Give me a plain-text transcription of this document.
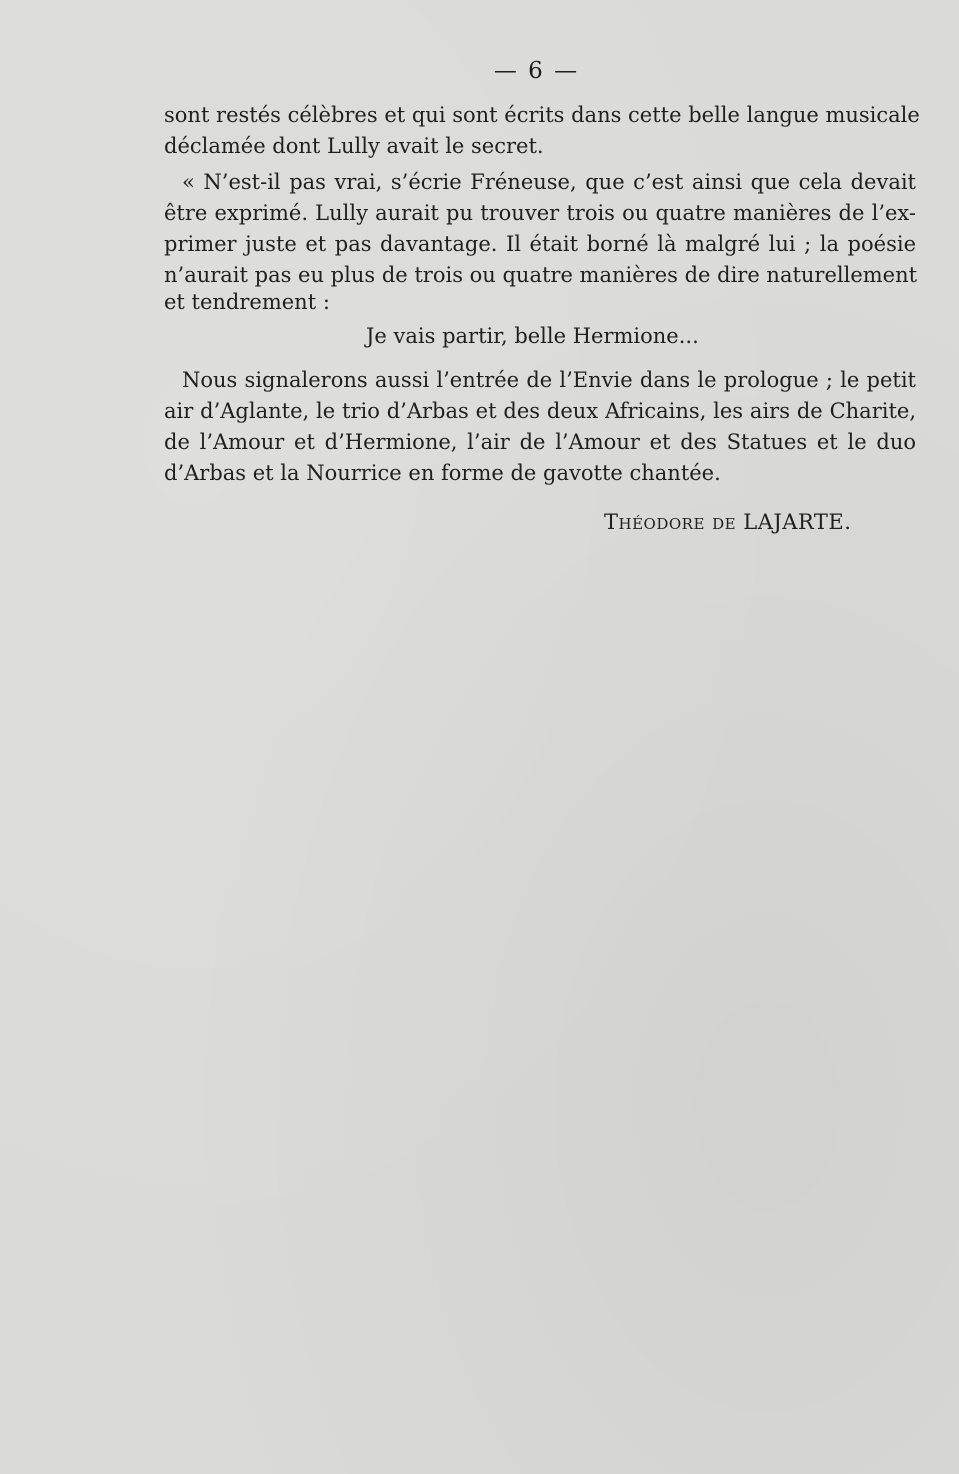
— 6 —
sont restés célèbres et qui sont écrits dans cette belle langue musicale
déclamée dont Lully avait le secret.
« N’est-il pas vrai, s’écrie Fréneuse, que c’est ainsi que cela devait
être exprimé. Lully aurait pu trouver trois ou quatre manières de l’ex-
primer juste et pas davantage. Il était borné là malgré lui ; la poésie
n’aurait pas eu plus de trois ou quatre manières de dire naturellement
et tendrement :
Je vais partir, belle Hermione...
Nous signalerons aussi l’entrée de l’Envie dans le prologue ; le petit
air d’Aglante, le trio d’Arbas et des deux Africains, les airs de Charite,
de l’Amour et d’Hermione, l’air de l’Amour et des Statues et le duo
d’Arbas et la Nourrice en forme de gavotte chantée.
Théodore de LAJARTE.
